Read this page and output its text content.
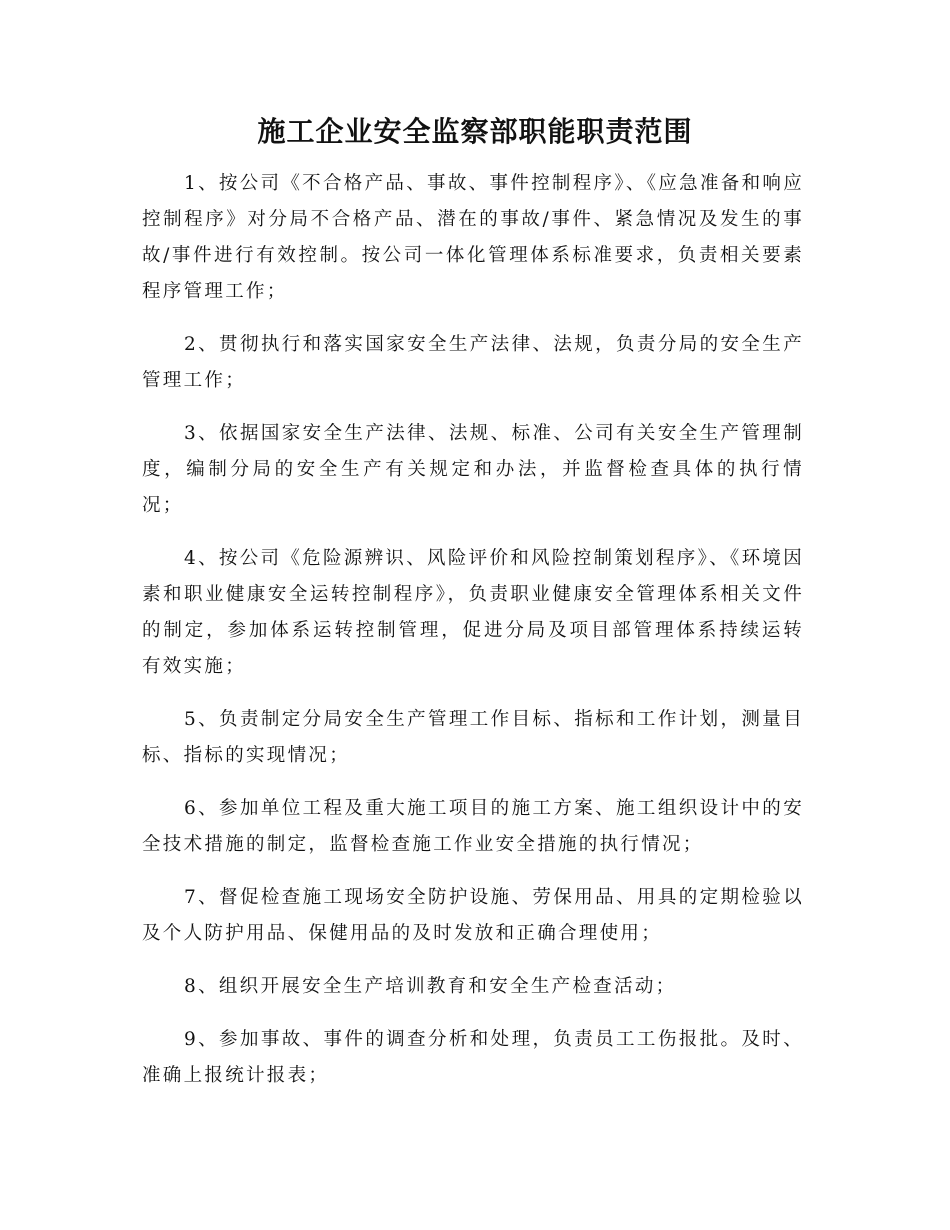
施工企业安全监察部职能职责范围

1、按公司《不合格产品、事故、事件控制程序》、《应急准备和响应控制程序》对分局不合格产品、潜在的事故/事件、紧急情况及发生的事故/事件进行有效控制。按公司一体化管理体系标准要求，负责相关要素程序管理工作；

2、贯彻执行和落实国家安全生产法律、法规，负责分局的安全生产管理工作；

3、依据国家安全生产法律、法规、标准、公司有关安全生产管理制度，编制分局的安全生产有关规定和办法，并监督检查具体的执行情况；

4、按公司《危险源辨识、风险评价和风险控制策划程序》、《环境因素和职业健康安全运转控制程序》，负责职业健康安全管理体系相关文件的制定，参加体系运转控制管理，促进分局及项目部管理体系持续运转有效实施；

5、负责制定分局安全生产管理工作目标、指标和工作计划，测量目标、指标的实现情况；

6、参加单位工程及重大施工项目的施工方案、施工组织设计中的安全技术措施的制定，监督检查施工作业安全措施的执行情况；

7、督促检查施工现场安全防护设施、劳保用品、用具的定期检验以及个人防护用品、保健用品的及时发放和正确合理使用；

8、组织开展安全生产培训教育和安全生产检查活动；

9、参加事故、事件的调查分析和处理，负责员工工伤报批。及时、准确上报统计报表；
